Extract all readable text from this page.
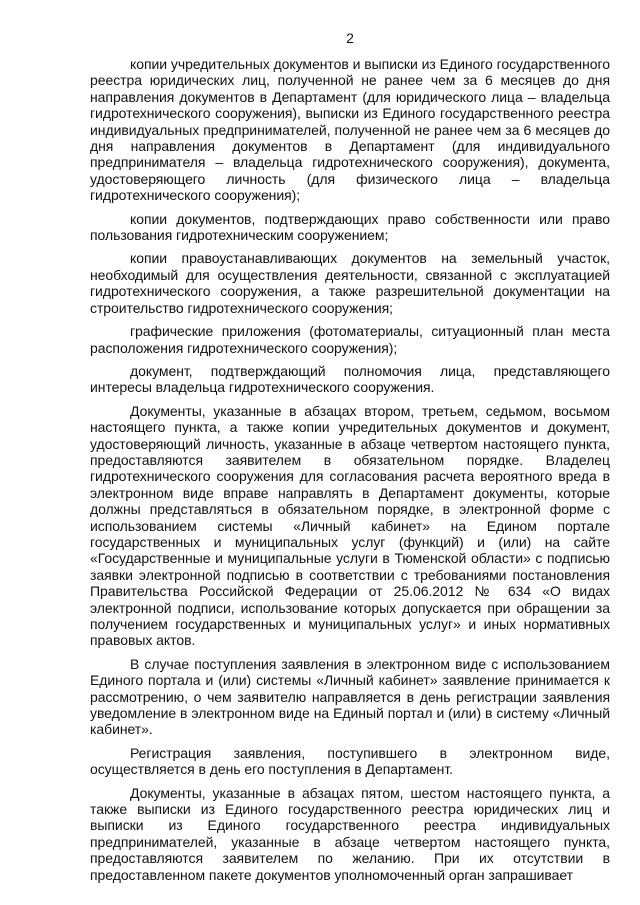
2

копии учредительных документов и выписки из Единого государственного реестра юридических лиц, полученной не ранее чем за 6 месяцев до дня направления документов в Департамент (для юридического лица – владельца гидротехнического сооружения), выписки из Единого государственного реестра индивидуальных предпринимателей, полученной не ранее чем за 6 месяцев до дня направления документов в Департамент (для индивидуального предпринимателя – владельца гидротехнического сооружения), документа, удостоверяющего личность (для физического лица – владельца гидротехнического сооружения);

копии документов, подтверждающих право собственности или право пользования гидротехническим сооружением;

копии правоустанавливающих документов на земельный участок, необходимый для осуществления деятельности, связанной с эксплуатацией гидротехнического сооружения, а также разрешительной документации на строительство гидротехнического сооружения;

графические приложения (фотоматериалы, ситуационный план места расположения гидротехнического сооружения);

документ, подтверждающий полномочия лица, представляющего интересы владельца гидротехнического сооружения.

Документы, указанные в абзацах втором, третьем, седьмом, восьмом настоящего пункта, а также копии учредительных документов и документ, удостоверяющий личность, указанные в абзаце четвертом настоящего пункта, предоставляются заявителем в обязательном порядке. Владелец гидротехнического сооружения для согласования расчета вероятного вреда в электронном виде вправе направлять в Департамент документы, которые должны представляться в обязательном порядке, в электронной форме с использованием системы «Личный кабинет» на Едином портале государственных и муниципальных услуг (функций) и (или) на сайте «Государственные и муниципальные услуги в Тюменской области» с подписью заявки электронной подписью в соответствии с требованиями постановления Правительства Российской Федерации от 25.06.2012 № 634 «О видах электронной подписи, использование которых допускается при обращении за получением государственных и муниципальных услуг» и иных нормативных правовых актов.

В случае поступления заявления в электронном виде с использованием Единого портала и (или) системы «Личный кабинет» заявление принимается к рассмотрению, о чем заявителю направляется в день регистрации заявления уведомление в электронном виде на Единый портал и (или) в систему «Личный кабинет».

Регистрация заявления, поступившего в электронном виде, осуществляется в день его поступления в Департамент.

Документы, указанные в абзацах пятом, шестом настоящего пункта, а также выписки из Единого государственного реестра юридических лиц и выписки из Единого государственного реестра индивидуальных предпринимателей, указанные в абзаце четвертом настоящего пункта, предоставляются заявителем по желанию. При их отсутствии в предоставленном пакете документов уполномоченный орган запрашивает
